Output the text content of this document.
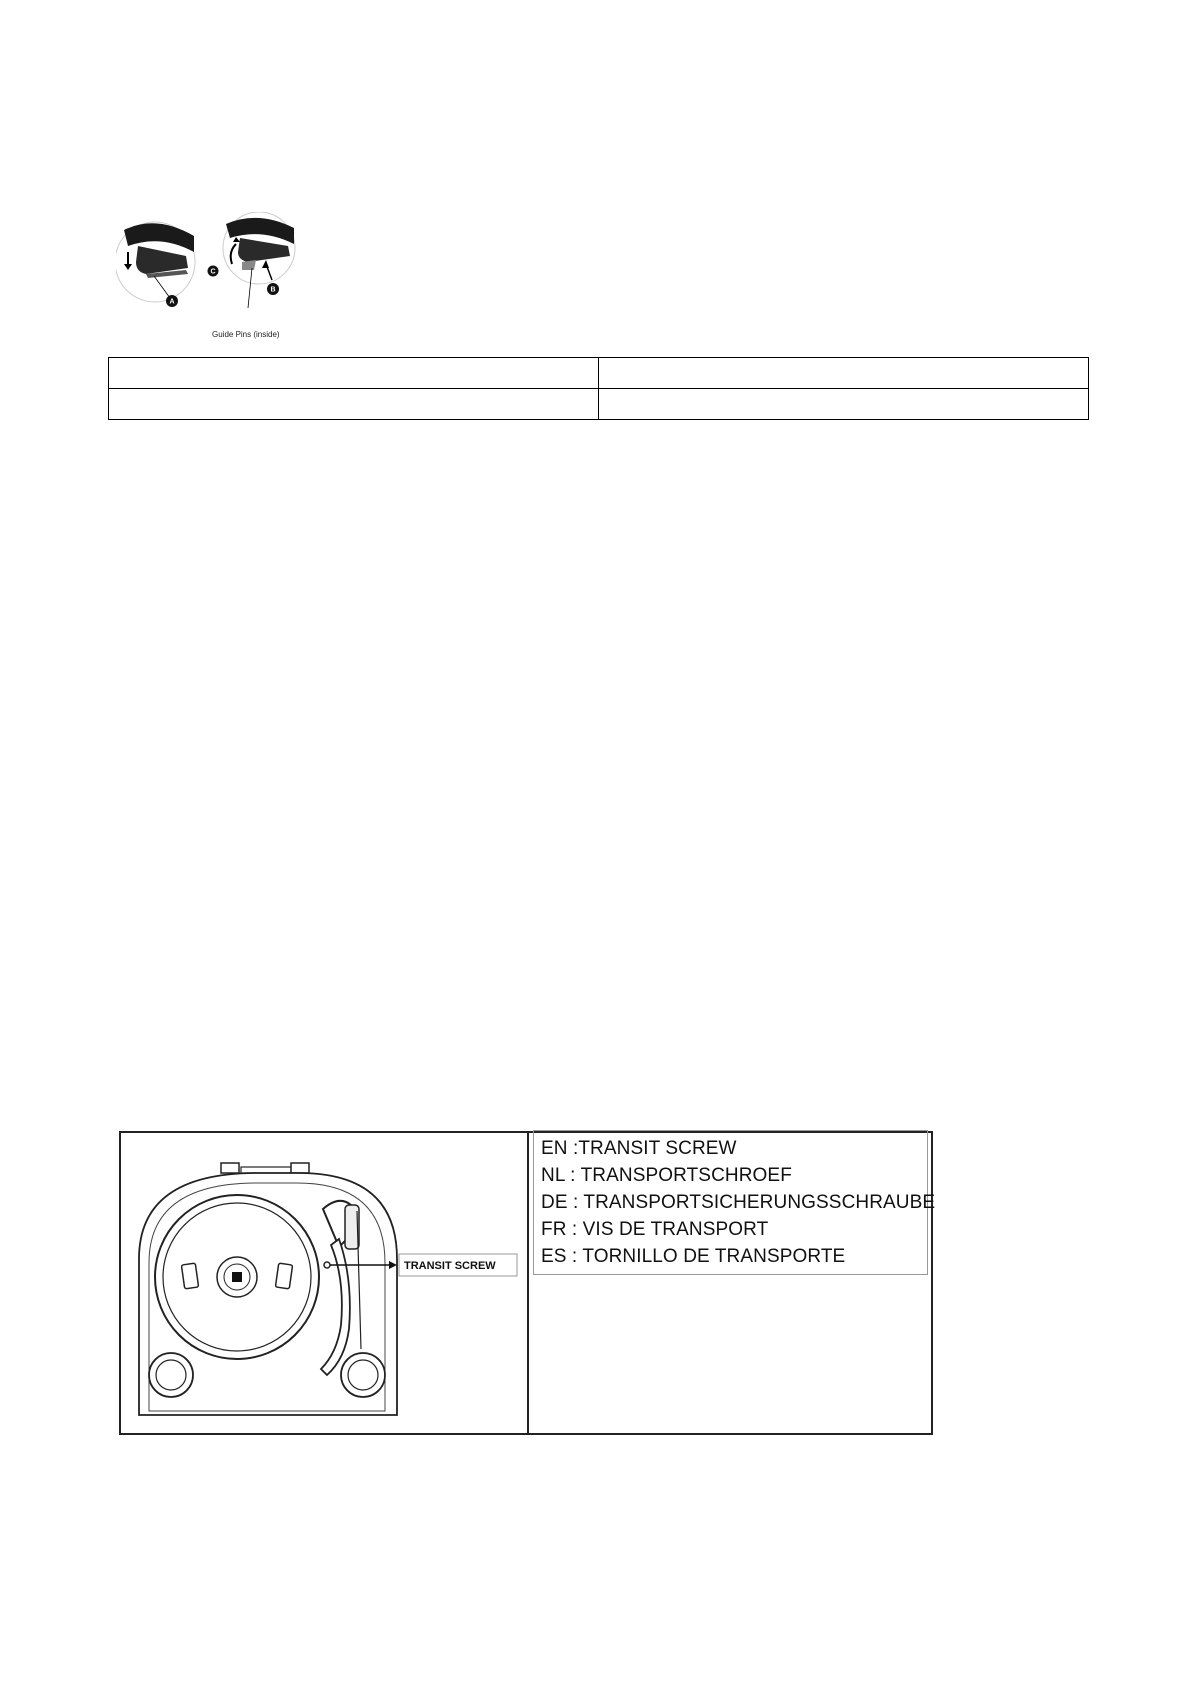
A
C
B
Guide Pins (inside)

TRANSIT SCREW
EN :TRANSIT SCREW
NL : TRANSPORTSCHROEF
DE : TRANSPORTSICHERUNGSSCHRAUBE
FR : VIS DE TRANSPORT
ES : TORNILLO DE TRANSPORTE
